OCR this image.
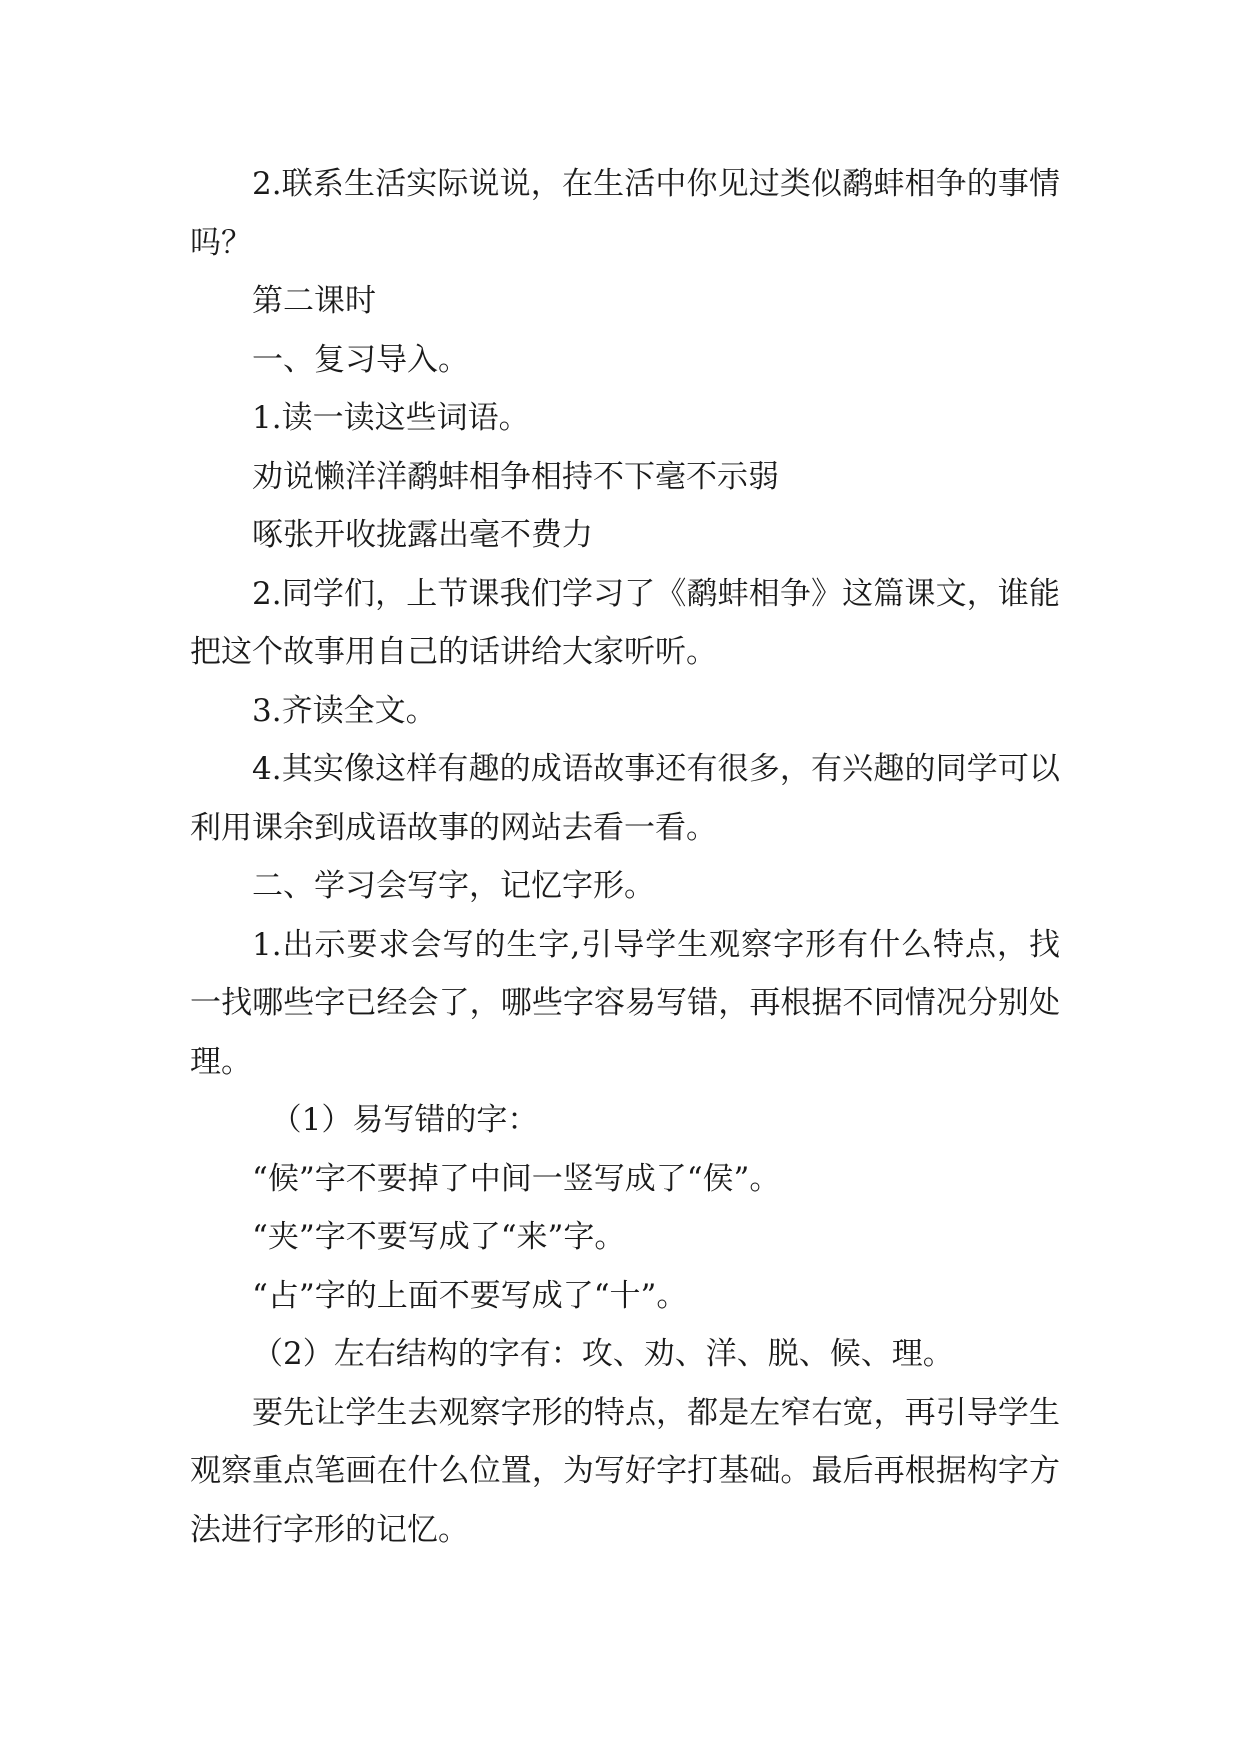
2.联系生活实际说说，在生活中你见过类似鹬蚌相争的事情吗？

第二课时

一、复习导入。

1.读一读这些词语。

劝说懒洋洋鹬蚌相争相持不下毫不示弱

啄张开收拢露出毫不费力

2.同学们，上节课我们学习了《鹬蚌相争》这篇课文，谁能把这个故事用自己的话讲给大家听听。

3.齐读全文。

4.其实像这样有趣的成语故事还有很多，有兴趣的同学可以利用课余到成语故事的网站去看一看。

二、学习会写字，记忆字形。

1.出示要求会写的生字,引导学生观察字形有什么特点，找一找哪些字已经会了，哪些字容易写错，再根据不同情况分别处理。

（1）易写错的字：

“候”字不要掉了中间一竖写成了“侯”。

“夹”字不要写成了“来”字。

“占”字的上面不要写成了“十”。

（2）左右结构的字有：攻、劝、洋、脱、候、理。

要先让学生去观察字形的特点，都是左窄右宽，再引导学生观察重点笔画在什么位置，为写好字打基础。最后再根据构字方法进行字形的记忆。
